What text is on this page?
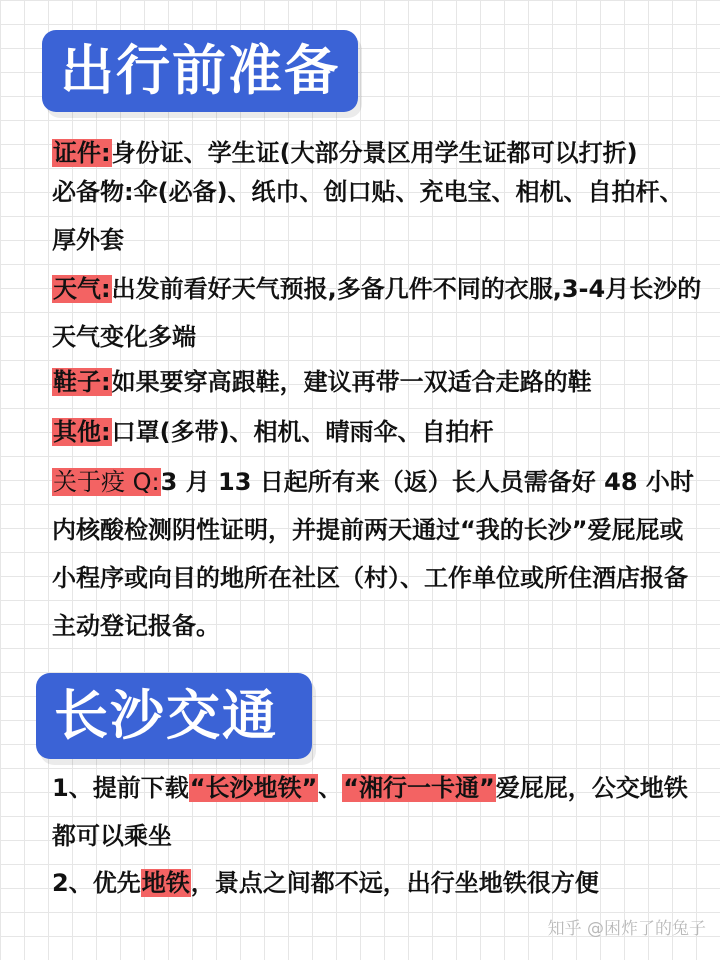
出行前准备

证件:身份证、学生证(大部分景区用学生证都可以打折)

必备物:伞(必备)、纸巾、创口贴、充电宝、相机、自拍杆、厚外套

天气:出发前看好天气预报,多备几件不同的衣服,3-4月长沙的天气变化多端

鞋子:如果要穿高跟鞋，建议再带一双适合走路的鞋

其他:口罩(多带)、相机、晴雨伞、自拍杆

关于疫 Q:3 月 13 日起所有来（返）长人员需备好 48 小时内核酸检测阴性证明，并提前两天通过“我的长沙”爱屁屁或小程序或向目的地所在社区（村）、工作单位或所住酒店报备主动登记报备。

长沙交通

1、提前下载“长沙地铁”、“湘行一卡通”爱屁屁，公交地铁都可以乘坐

2、优先地铁，景点之间都不远，出行坐地铁很方便

知乎 @困炸了的兔子
